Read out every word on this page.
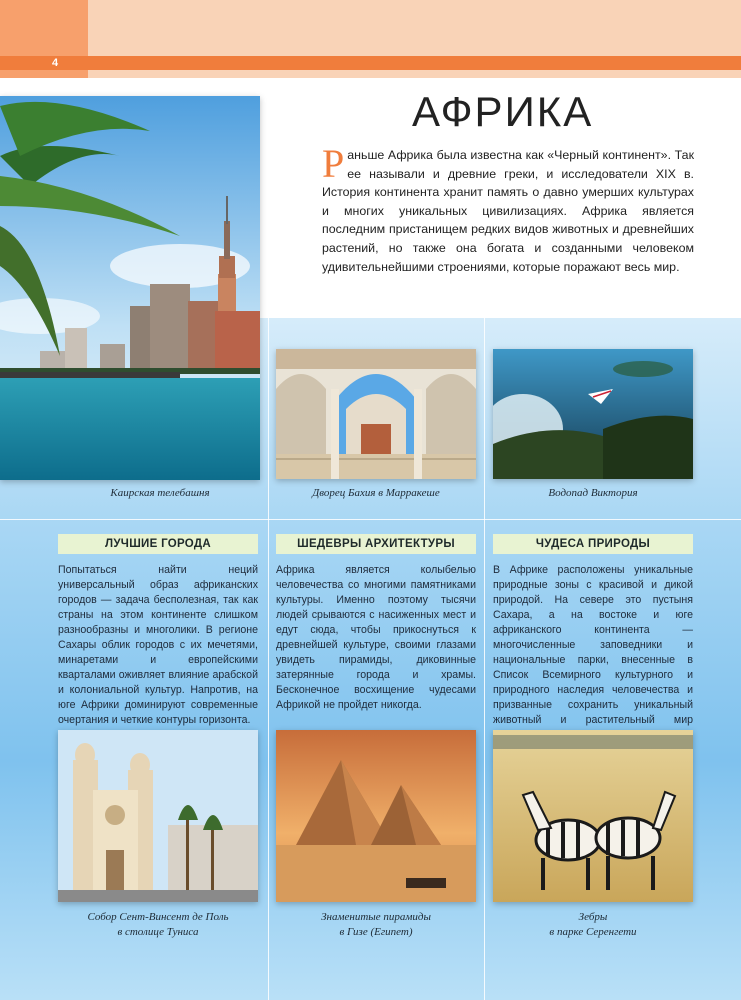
4
АФРИКА
Раньше Африка была известна как «Черный континент». Так ее называли и древние греки, и исследователи XIX в. История континента хранит память о давно умерших культурах и многих уникальных цивилизациях. Африка является последним пристанищем редких видов животных и древнейших растений, но также она богата и созданными человеком удивительнейшими строениями, которые поражают весь мир.
Каирская телебашня	Дворец Бахия в Марракеше	Водопад Виктория
ЛУЧШИЕ ГОРОДА	ШЕДЕВРЫ АРХИТЕКТУРЫ	ЧУДЕСА ПРИРОДЫ
Попытаться найти неций универсальный образ африканских городов — задача бесполезная, так как страны на этом континенте слишком разнообразны и многолики. В регионе Сахары облик городов с их мечетями, минаретами и европейскими кварталами оживляет влияние арабской и колониальной культур. Напротив, на юге Африки доминируют современные очертания и четкие контуры горизонта.
Африка является колыбелью человечества со многими памятниками культуры. Именно поэтому тысячи людей срываются с насиженных мест и едут сюда, чтобы прикоснуться к древнейшей культуре, своими глазами увидеть пирамиды, диковинные затерянные города и храмы. Бесконечное восхищение чудесами Африкой не пройдет никогда.
В Африке расположены уникальные природные зоны с красивой и дикой природой. На севере это пустыня Сахара, а на востоке и юге африканского континента — многочисленные заповедники и национальные парки, внесенные в Список Всемирного культурного и природного наследия человечества и призванные сохранить уникальный животный и растительный мир
Собор Сент-Винсент де Поль
в столице Туниса
Знаменитые пирамиды
в Гизе (Египет)
Зебры
в парке Серенгети
